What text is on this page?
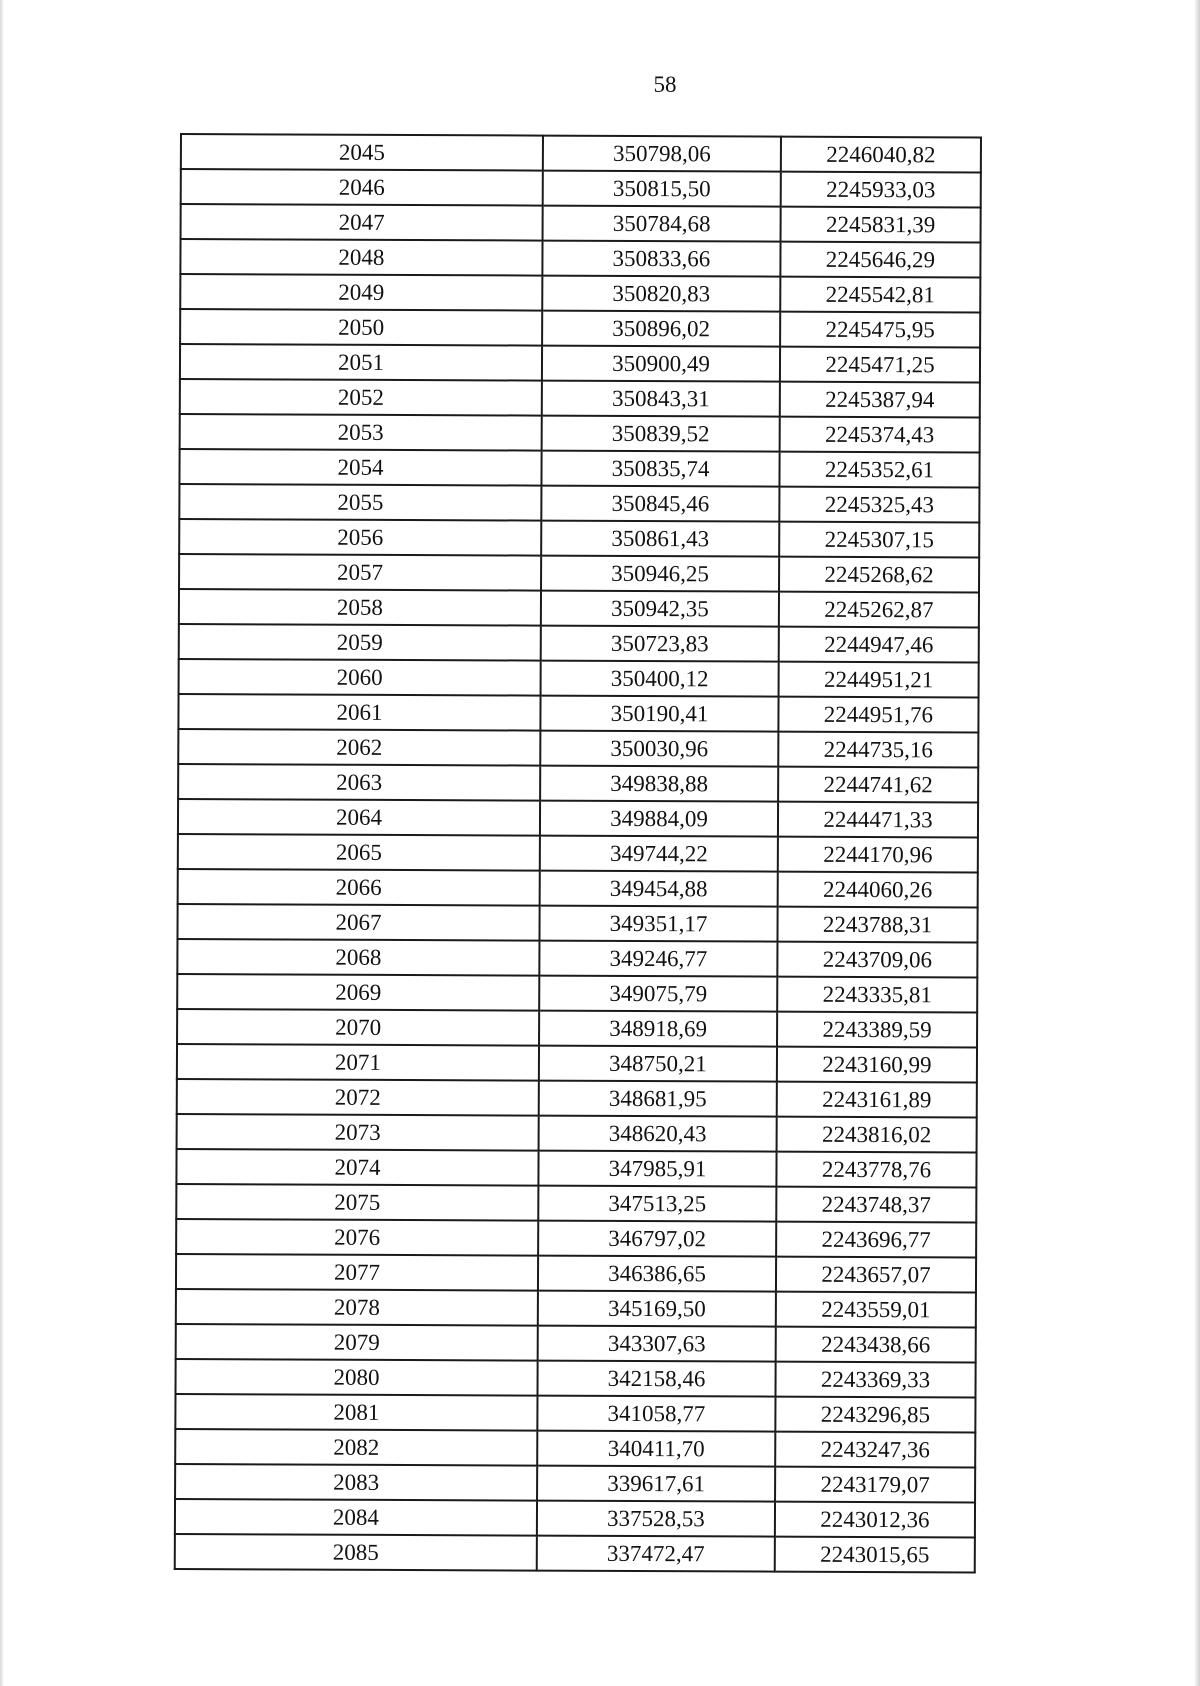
58
2045	350798,06	2246040,82
2046	350815,50	2245933,03
2047	350784,68	2245831,39
2048	350833,66	2245646,29
2049	350820,83	2245542,81
2050	350896,02	2245475,95
2051	350900,49	2245471,25
2052	350843,31	2245387,94
2053	350839,52	2245374,43
2054	350835,74	2245352,61
2055	350845,46	2245325,43
2056	350861,43	2245307,15
2057	350946,25	2245268,62
2058	350942,35	2245262,87
2059	350723,83	2244947,46
2060	350400,12	2244951,21
2061	350190,41	2244951,76
2062	350030,96	2244735,16
2063	349838,88	2244741,62
2064	349884,09	2244471,33
2065	349744,22	2244170,96
2066	349454,88	2244060,26
2067	349351,17	2243788,31
2068	349246,77	2243709,06
2069	349075,79	2243335,81
2070	348918,69	2243389,59
2071	348750,21	2243160,99
2072	348681,95	2243161,89
2073	348620,43	2243816,02
2074	347985,91	2243778,76
2075	347513,25	2243748,37
2076	346797,02	2243696,77
2077	346386,65	2243657,07
2078	345169,50	2243559,01
2079	343307,63	2243438,66
2080	342158,46	2243369,33
2081	341058,77	2243296,85
2082	340411,70	2243247,36
2083	339617,61	2243179,07
2084	337528,53	2243012,36
2085	337472,47	2243015,65
